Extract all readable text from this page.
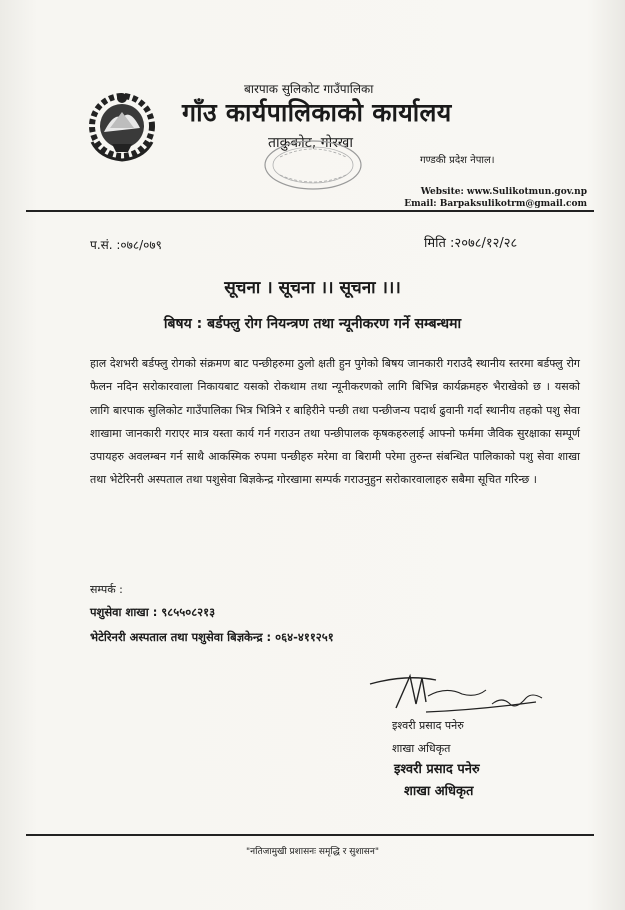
बारपाक सुलिकोट गाउँपालिका
गाँउ कार्यपालिकाको कार्यालय
ताकुकोट, गोरखा
गण्डकी प्रदेश नेपाल।
Website: www.Sulikotmun.gov.np
Email: Barpaksulikotrm@gmail.com
प.सं. :०७८/०७९	मिति :२०७८/१२/२८
सूचना । सूचना ।। सूचना ।।।
बिषय : बर्डफ्लु रोग नियन्त्रण तथा न्यूनीकरण गर्ने सम्बन्धमा
हाल देशभरी बर्डफ्लु रोगको संक्रमण बाट पन्छीहरुमा ठुलो क्षती हुन पुगेको बिषय जानकारी गराउदै स्थानीय स्तरमा बर्डफ्लु रोग फैलन नदिन सरोकारवाला निकायबाट यसको रोकथाम तथा न्यूनीकरणको लागि बिभिन्न कार्यक्रमहरु भैराखेको छ । यसको लागि बारपाक सुलिकोट गाउँपालिका भित्र भित्रिने र बाहिरीने पन्छी तथा पन्छीजन्य पदार्थ ढुवानी गर्दा स्थानीय तहको पशु सेवा शाखामा जानकारी गराएर मात्र यस्ता कार्य गर्न गराउन तथा पन्छीपालक कृषकहरुलाई आफ्नो फर्ममा जैविक सुरक्षाका सम्पूर्ण उपायहरु अवलम्बन गर्न साथै आकस्मिक रुपमा पन्छीहरु मरेमा वा बिरामी परेमा तुरुन्त संबन्धित पालिकाको पशु सेवा शाखा तथा भेटेरिनरी अस्पताल तथा पशुसेवा बिज्ञकेन्द्र गोरखामा सम्पर्क गराउनुहुन सरोकारवालाहरु सबैमा सूचित गरिन्छ ।
सम्पर्क :
पशुसेवा शाखा : ९८५५०८२१३
भेटेरिनरी अस्पताल तथा पशुसेवा बिज्ञकेन्द्र : ०६४-४११२५१
इश्वरी प्रसाद पनेरु
शाखा अधिकृत
इश्वरी प्रसाद पनेरु
शाखा अधिकृत
"नतिजामुखी प्रशासनः समृद्धि र सुशासन"
